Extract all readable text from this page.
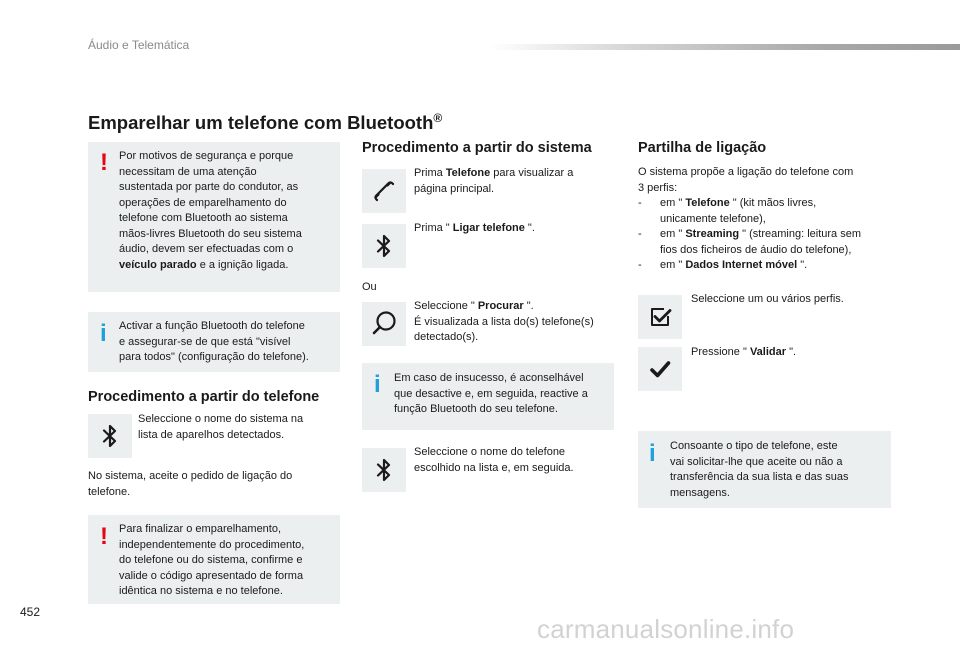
Áudio e Telemática
Emparelhar um telefone com Bluetooth®
! Por motivos de segurança e porque
necessitam de uma atenção
sustentada por parte do condutor, as
operações de emparelhamento do
telefone com Bluetooth ao sistema
mãos-livres Bluetooth do seu sistema
áudio, devem ser efectuadas com o
veículo parado e a ignição ligada.
i Activar a função Bluetooth do telefone
e assegurar-se de que está "visível
para todos" (configuração do telefone).
Procedimento a partir do telefone
Seleccione o nome do sistema na
lista de aparelhos detectados.
No sistema, aceite o pedido de ligação do
telefone.
! Para finalizar o emparelhamento,
independentemente do procedimento,
do telefone ou do sistema, confirme e
valide o código apresentado de forma
idêntica no sistema e no telefone.
Procedimento a partir do sistema
Prima Telefone para visualizar a
página principal.
Prima " Ligar telefone ".
Ou
Seleccione " Procurar ".
É visualizada a lista do(s) telefone(s)
detectado(s).
i Em caso de insucesso, é aconselhável
que desactive e, em seguida, reactive a
função Bluetooth do seu telefone.
Seleccione o nome do telefone
escolhido na lista e, em seguida.
Partilha de ligação
O sistema propõe a ligação do telefone com
3 perfis:
- em " Telefone " (kit mãos livres,
unicamente telefone),
- em " Streaming " (streaming: leitura sem
fios dos ficheiros de áudio do telefone),
- em " Dados Internet móvel ".
Seleccione um ou vários perfis.
Pressione " Validar ".
i Consoante o tipo de telefone, este
vai solicitar-lhe que aceite ou não a
transferência da sua lista e das suas
mensagens.
452
carmanualsonline.info
